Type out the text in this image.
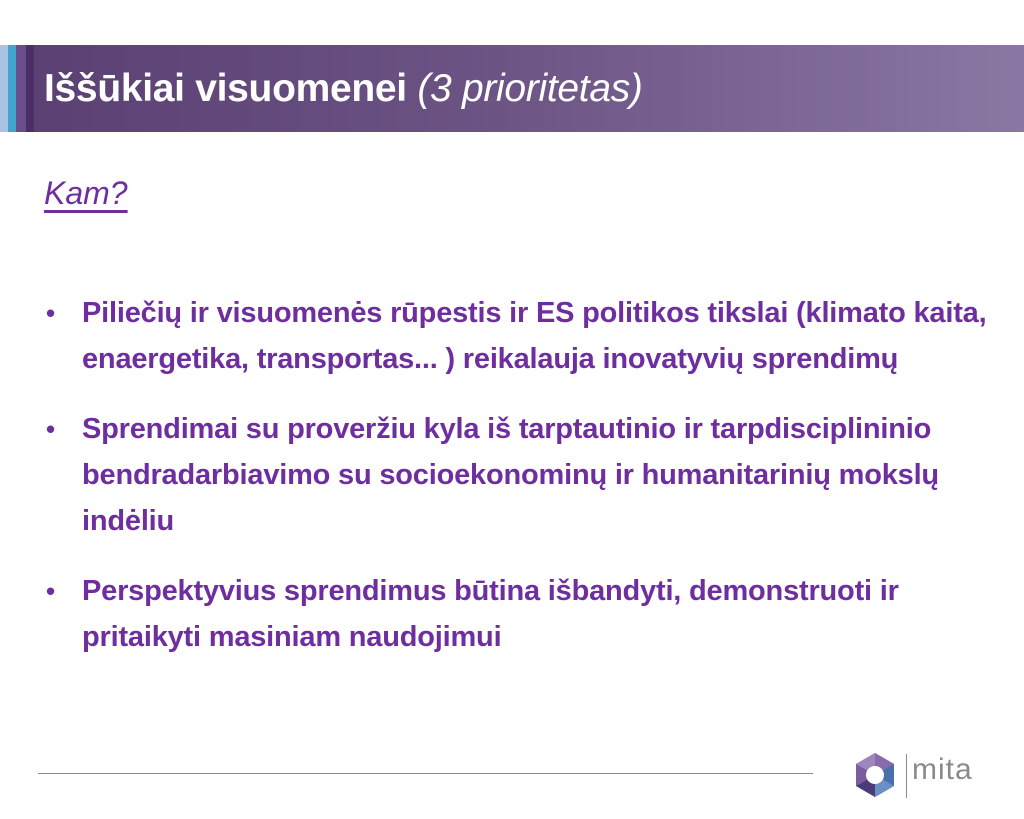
Iššūkiai visuomenei (3 prioritetas)
Kam?
• Piliečių ir visuomenės rūpestis ir ES politikos tikslai (klimato kaita, enaergetika, transportas... ) reikalauja inovatyvių sprendimų
• Sprendimai su proveržiu kyla iš tarptautinio ir tarpdisciplininio bendradarbiavimo su socioekonominų ir humanitarinių mokslų indėliu
• Perspektyvius sprendimus būtina išbandyti, demonstruoti ir pritaikyti masiniam naudojimui
mita
